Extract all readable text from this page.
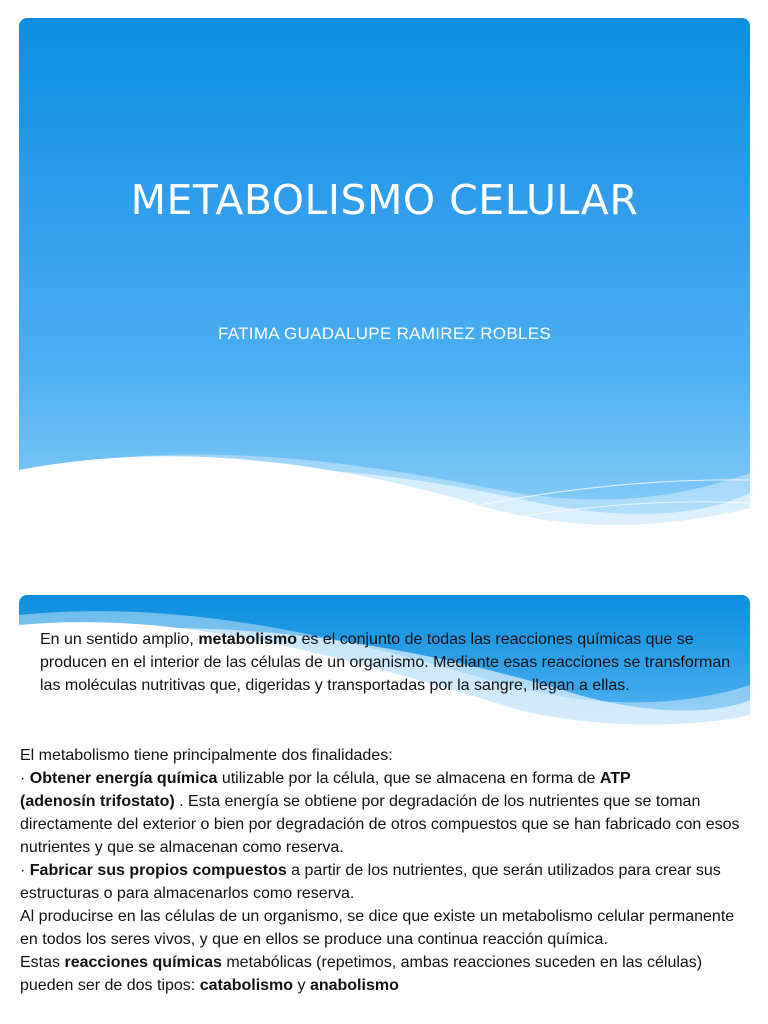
METABOLISMO CELULAR
FATIMA GUADALUPE RAMIREZ ROBLES

En un sentido amplio, metabolismo es el conjunto de todas las reacciones químicas que se producen en el interior de las células de un organismo. Mediante esas reacciones se transforman las moléculas nutritivas que, digeridas y transportadas por la sangre, llegan a ellas.

El metabolismo tiene principalmente dos finalidades:

· Obtener energía química utilizable por la célula, que se almacena en forma de ATP
(adenosín trifostato) . Esta energía se obtiene por degradación de los nutrientes que se toman directamente del exterior o bien por degradación de otros compuestos que se han fabricado con esos nutrientes y que se almacenan como reserva.

· Fabricar sus propios compuestos a partir de los nutrientes, que serán utilizados para crear sus estructuras o para almacenarlos como reserva.

Al producirse en las células de un organismo, se dice que existe un metabolismo celular permanente en todos los seres vivos, y que en ellos se produce una continua reacción química.

Estas reacciones químicas metabólicas (repetimos, ambas reacciones suceden en las células) pueden ser de dos tipos: catabolismo y anabolismo
